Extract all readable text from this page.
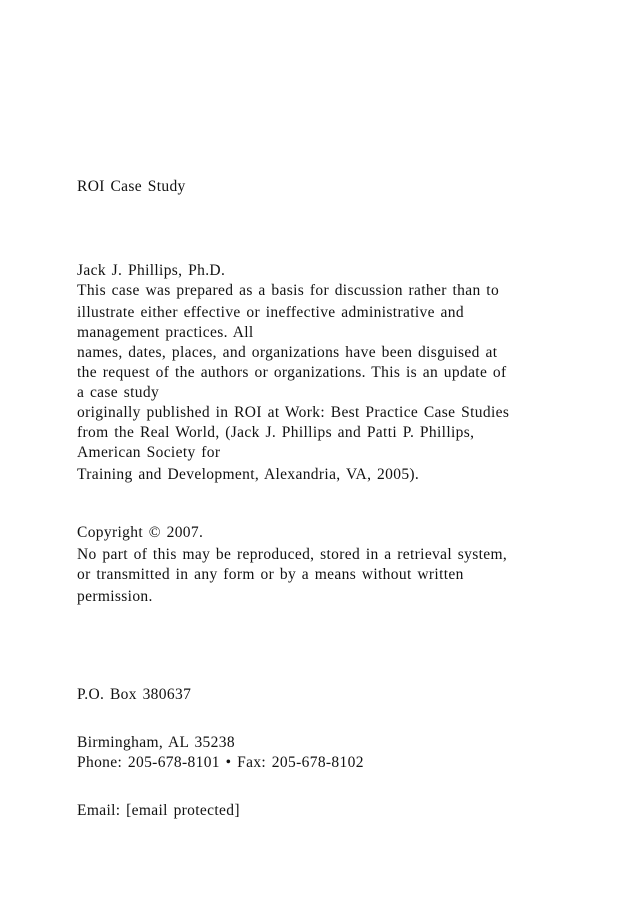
ROI Case Study
Jack J. Phillips, Ph.D.
This case was prepared as a basis for discussion rather than to
illustrate either effective or ineffective administrative and
management practices. All
names, dates, places, and organizations have been disguised at
the request of the authors or organizations. This is an update of
a case study
originally published in ROI at Work: Best Practice Case Studies
from the Real World, (Jack J. Phillips and Patti P. Phillips,
American Society for
Training and Development, Alexandria, VA, 2005).
Copyright © 2007.
No part of this may be reproduced, stored in a retrieval system,
or transmitted in any form or by a means without written
permission.
P.O. Box 380637
Birmingham, AL 35238
Phone: 205-678-8101 • Fax: 205-678-8102
Email: [email protected]
